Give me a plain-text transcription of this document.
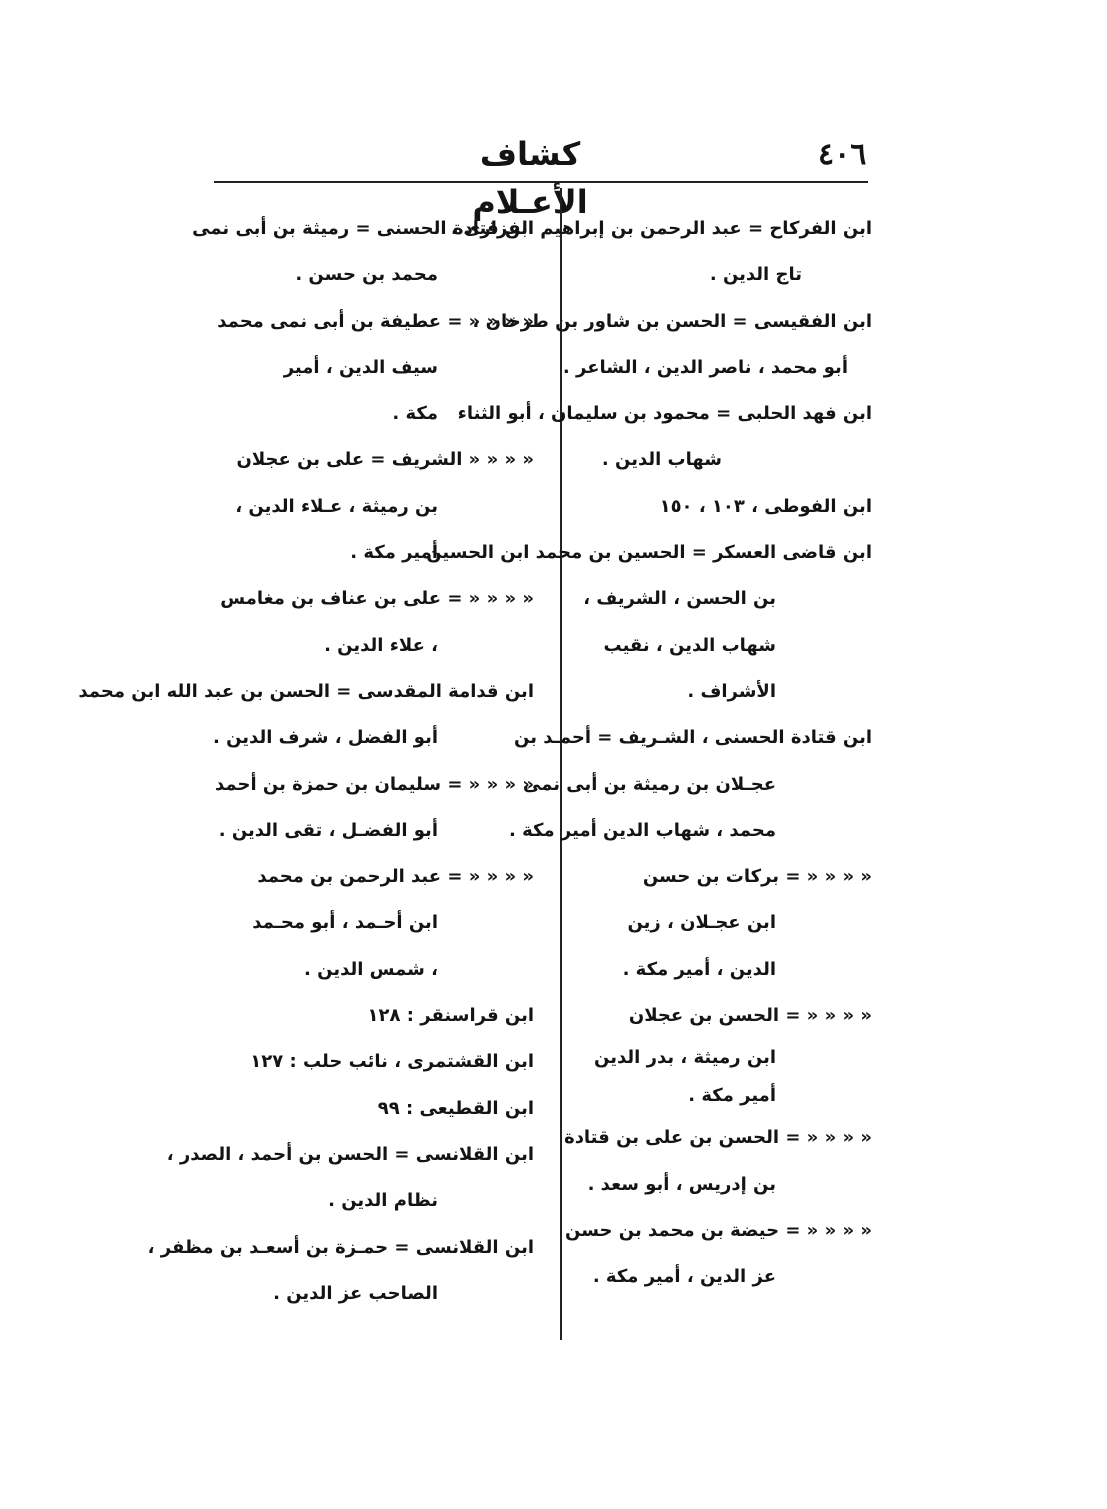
٤٠٦
كشاف الأعـلام
ابن الفركاح = عبد الرحمن بن إبراهيم الفزارى ،
تاج الدين .
ابن الفقيسى = الحسن بن شاور بن طرخان ،
أبو محمد ، ناصر الدين ، الشاعر .
ابن فهد الحلبى = محمود بن سليمان ، أبو الثناء
شهاب الدين .
ابن الفوطى ، ١٠٣ ، ١٥٠
ابن قاضى العسكر = الحسين بن محمد ابن الحسين
بن الحسن ، الشريف ،
شهاب الدين ، نقيب
الأشراف .
ابن قتادة الحسنى ، الشـريف = أحمـد بن
عجـلان بن رميثة بن أبى نمى
محمد ، شهاب الدين أمير مكة .
« « « « = بركات بن حسن
ابن عجـلان ، زين
الدين ، أمير مكة .
« « « « = الحسن بن عجلان
ابن رميثة ، بدر الدين
أمير مكة .
« « « « = الحسن بن على بن قتادة
بن إدريس ، أبو سعد .
« « « « = حيضة بن محمد بن حسن
عز الدين ، أمير مكة .
ابن قتادة الحسنى = رميثة بن أبى نمى
محمد بن حسن .
« « « « = عطيفة بن أبى نمى محمد
سيف الدين ، أمير
مكة .
« « « « الشريف = على بن عجلان
بن رميثة ، عـلاء الدين ،
أمير مكة .
« « « « = على بن عناف بن مغامس
، علاء الدين .
ابن قدامة المقدسى = الحسن بن عبد الله ابن محمد
أبو الفضل ، شرف الدين .
« « « « = سليمان بن حمزة بن أحمد
أبو الفضـل ، تقى الدين .
« « « « = عبد الرحمن بن محمد
ابن أحـمد ، أبو محـمد
، شمس الدين .
ابن قراسنقر : ١٢٨
ابن القشتمرى ، نائب حلب : ١٢٧
ابن القطيعى : ٩٩
ابن القلانسى = الحسن بن أحمد ، الصدر ،
نظام الدين .
ابن القلانسى = حمـزة بن أسعـد بن مظفر ،
الصاحب عز الدين .
